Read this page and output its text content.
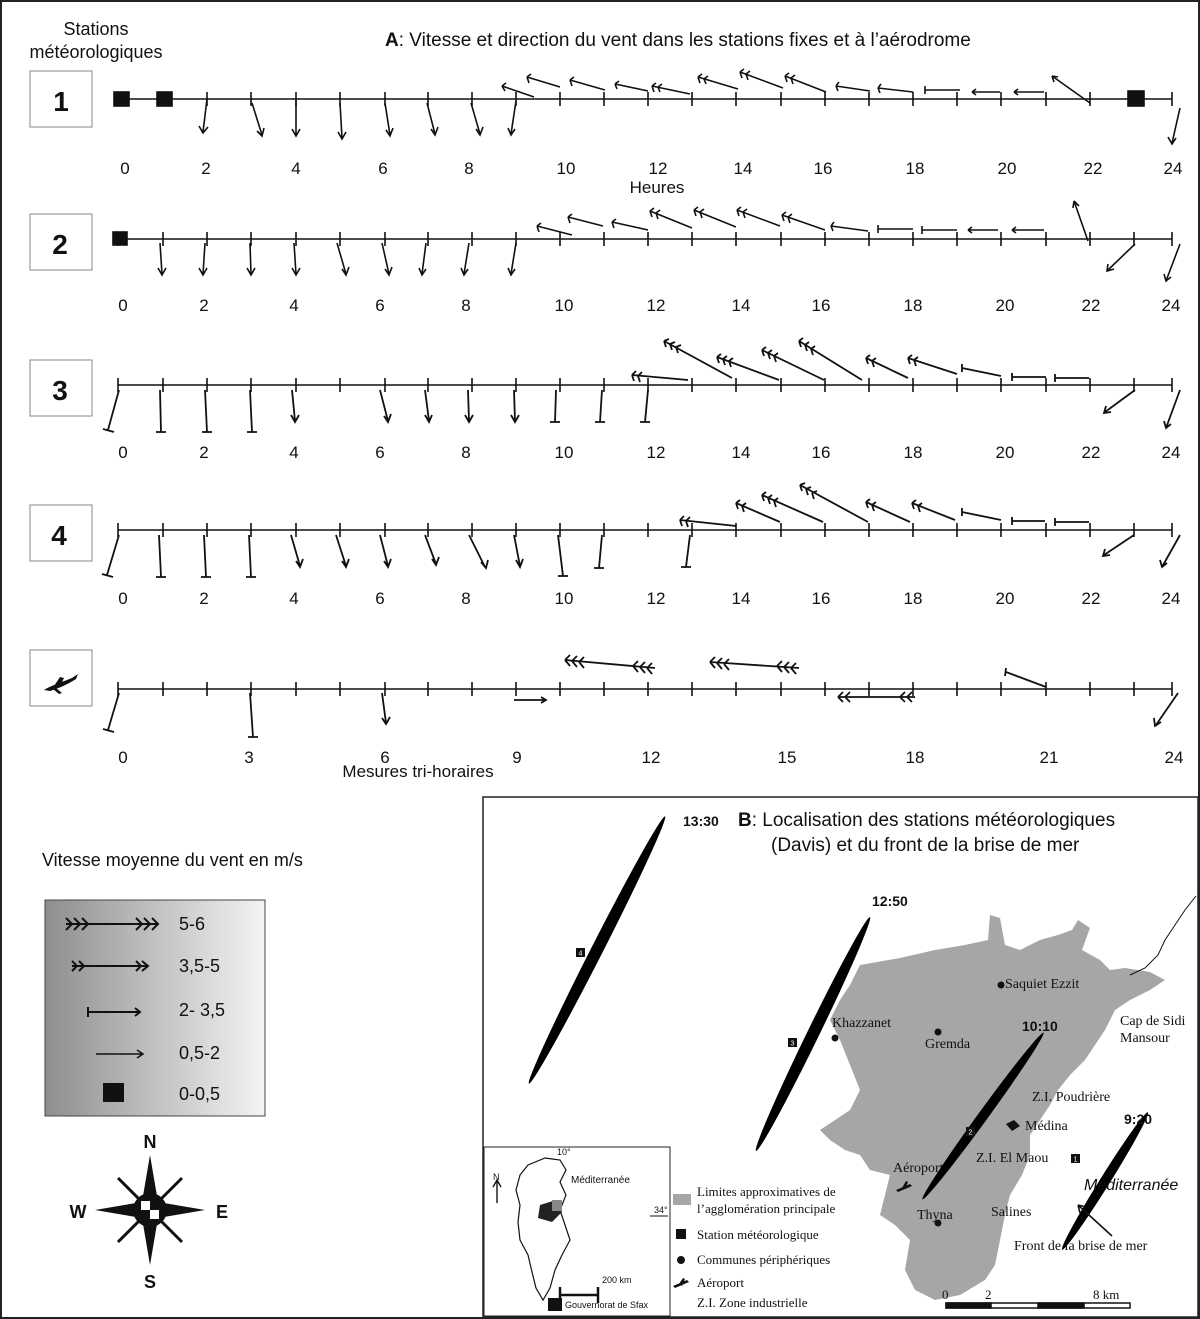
Stations
météorologiques
A: Vitesse et direction du vent dans les stations fixes et à l’aérodrome
1
0	2	4	6	8	10	12	14	16	18	20	22	24
Heures
2
0	2	4	6	8	10	12	14	16	18	20	22	24
3
0	2	4	6	8	10	12	14	16	18	20	22	24
4
0	2	4	6	8	10	12	14	16	18	20	22	24
0	3	6	9	12	15	18	21	24
Mesures tri-horaires
Vitesse moyenne du vent en m/s
5-6
3,5-5
2- 3,5
0,5-2
0-0,5
N
S
E
W
B: Localisation des stations météorologiques
(Davis) et du front de la brise de mer
13:30
12:50
10:10
9:20
4
3
2
1
Saquiet Ezzit
Khazzanet
Gremda
Cap de Sidi
Mansour
Z.I. Poudrière
Médina
Z.I. El Maou
Aéroport
Thyna	Salines
Méditerranée
Front de la brise de mer
0	2	8 km
Limites approximatives de
l’agglomération principale
Station météorologique
Communes périphériques
Aéroport
Z.I. Zone industrielle
N
10°
Méditerranée
34°
200 km
Gouvernorat de Sfax
